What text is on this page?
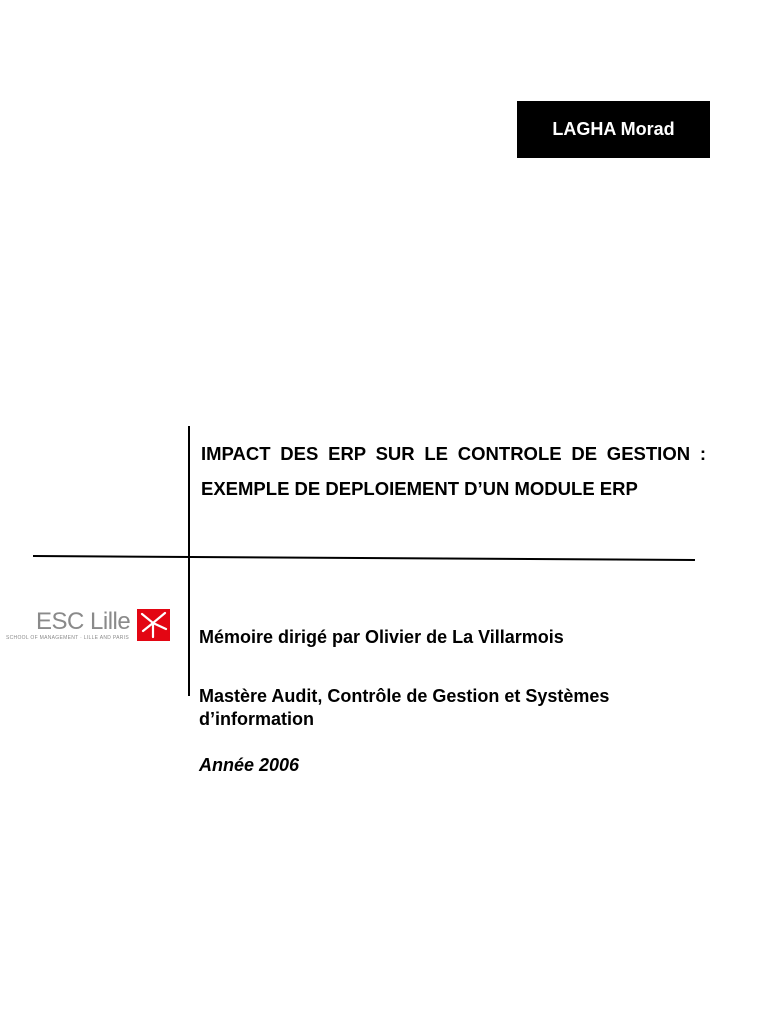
LAGHA Morad
IMPACT DES ERP SUR LE CONTROLE DE GESTION : EXEMPLE DE DEPLOIEMENT D’UN MODULE ERP
ESC Lille
SCHOOL OF MANAGEMENT · LILLE AND PARIS	Mémoire dirigé par Olivier de La Villarmois
Mastère Audit, Contrôle de Gestion et Systèmes d’information
Année 2006
